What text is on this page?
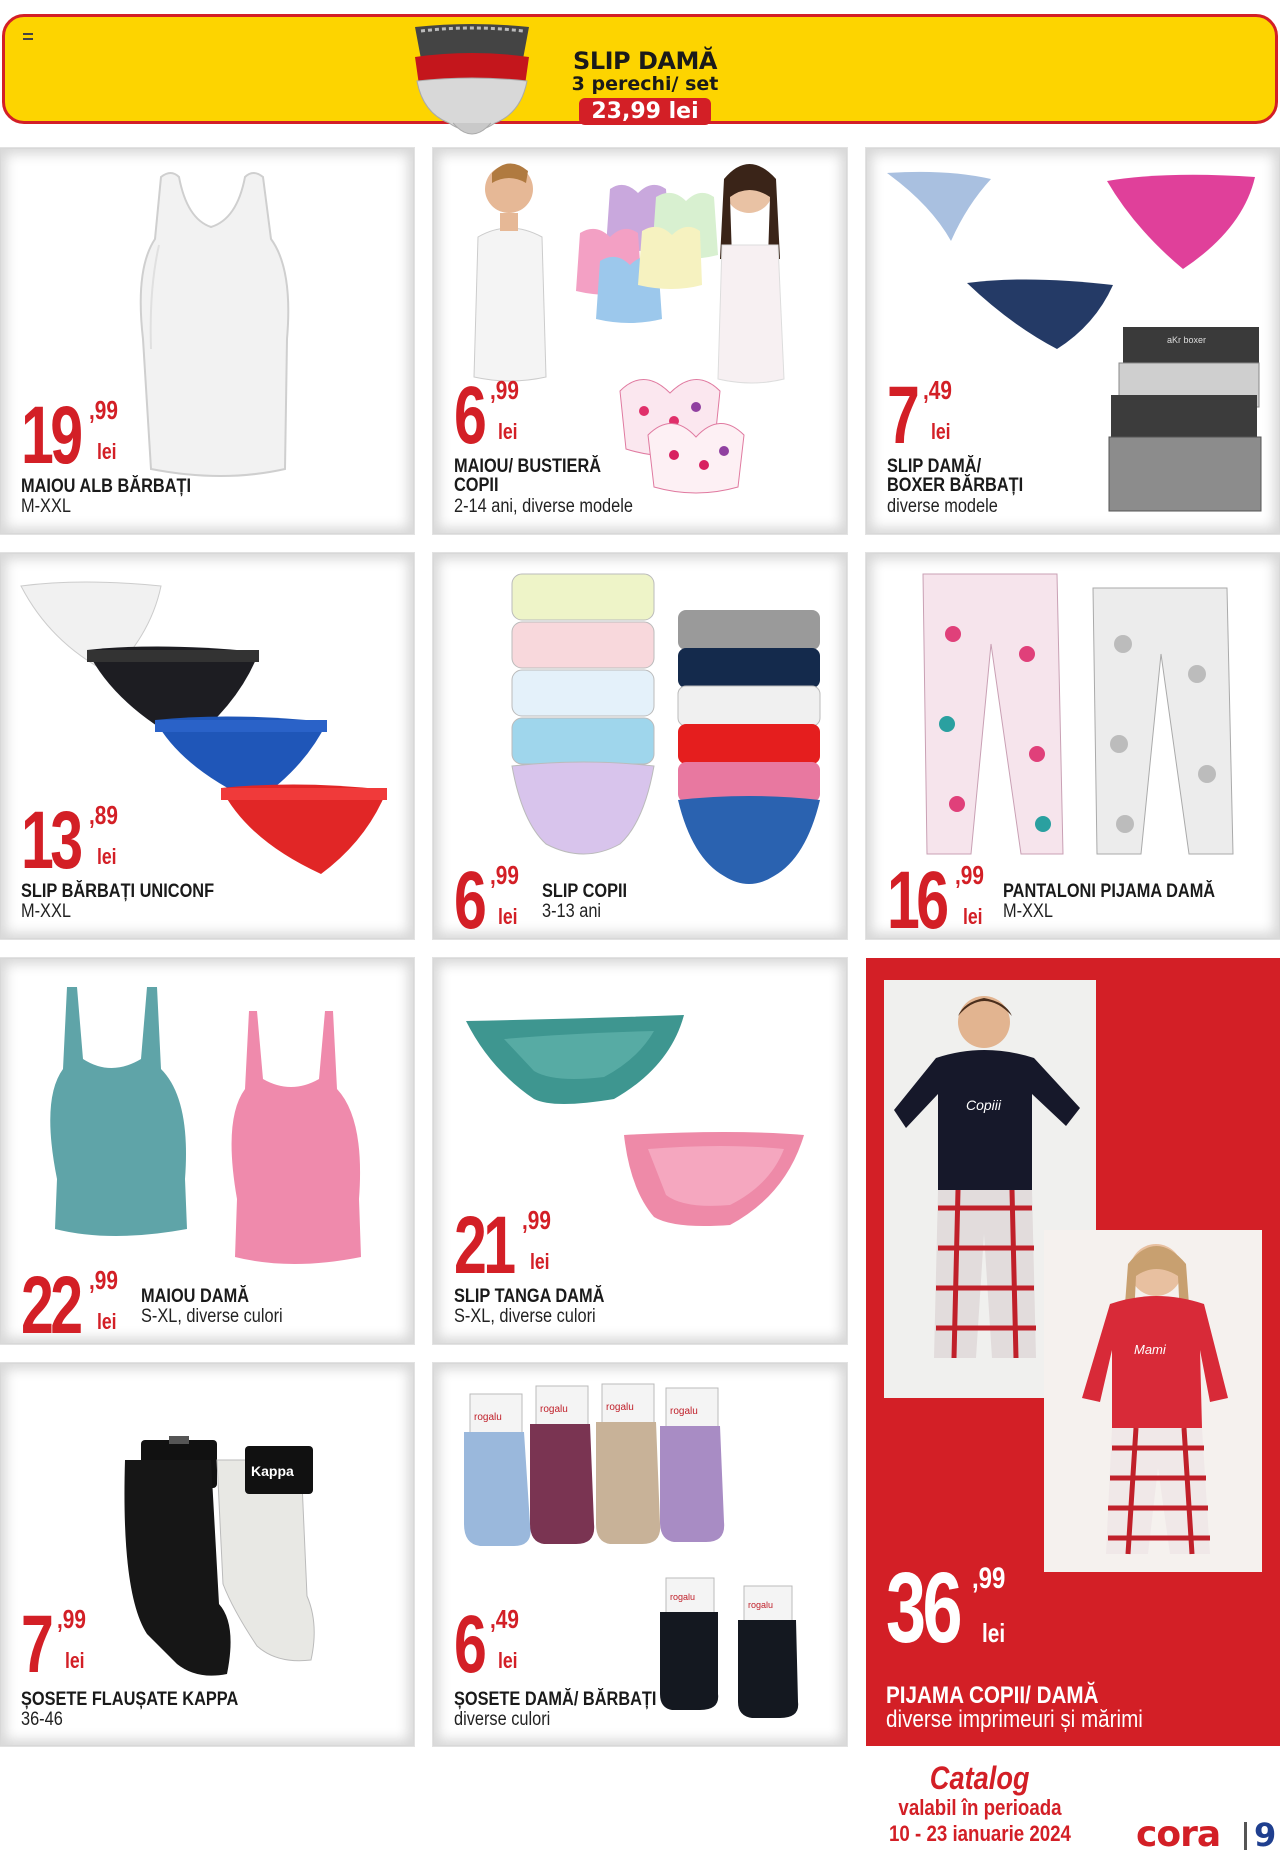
SLIP DAMĂ
3 perechi/ set
23,99 lei
19 ,99
lei
MAIOU ALB BĂRBAȚI
M-XXL
6 ,99
lei
MAIOU/ BUSTIERĂ
COPII
2-14 ani, diverse modele
aKr boxer
7 ,49
lei
SLIP DAMĂ/
BOXER BĂRBAȚI
diverse modele
13 ,89
lei
SLIP BĂRBAȚI UNICONF
M-XXL	6 ,99
lei
SLIP COPII
3-13 ani	16 ,99
lei
PANTALONI PIJAMA DAMĂ
M-XXL
22 ,99
lei
MAIOU DAMĂ
S-XL, diverse culori
21 ,99
lei
SLIP TANGA DAMĂ
S-XL, diverse culori
Copiii
Mami
36 ,99
lei
PIJAMA COPII/ DAMĂ
diverse imprimeuri și mărimi
Kappa
7 ,99
lei
ȘOSETE FLAUȘATE KAPPA
36-46
rogalu
rogalu	rogalu	rogalu
rogalu
rogalu
6 ,49
lei
ȘOSETE DAMĂ/ BĂRBAȚI
diverse culori
Catalog
valabil în perioada
10 - 23 ianuarie 2024	cora 9
